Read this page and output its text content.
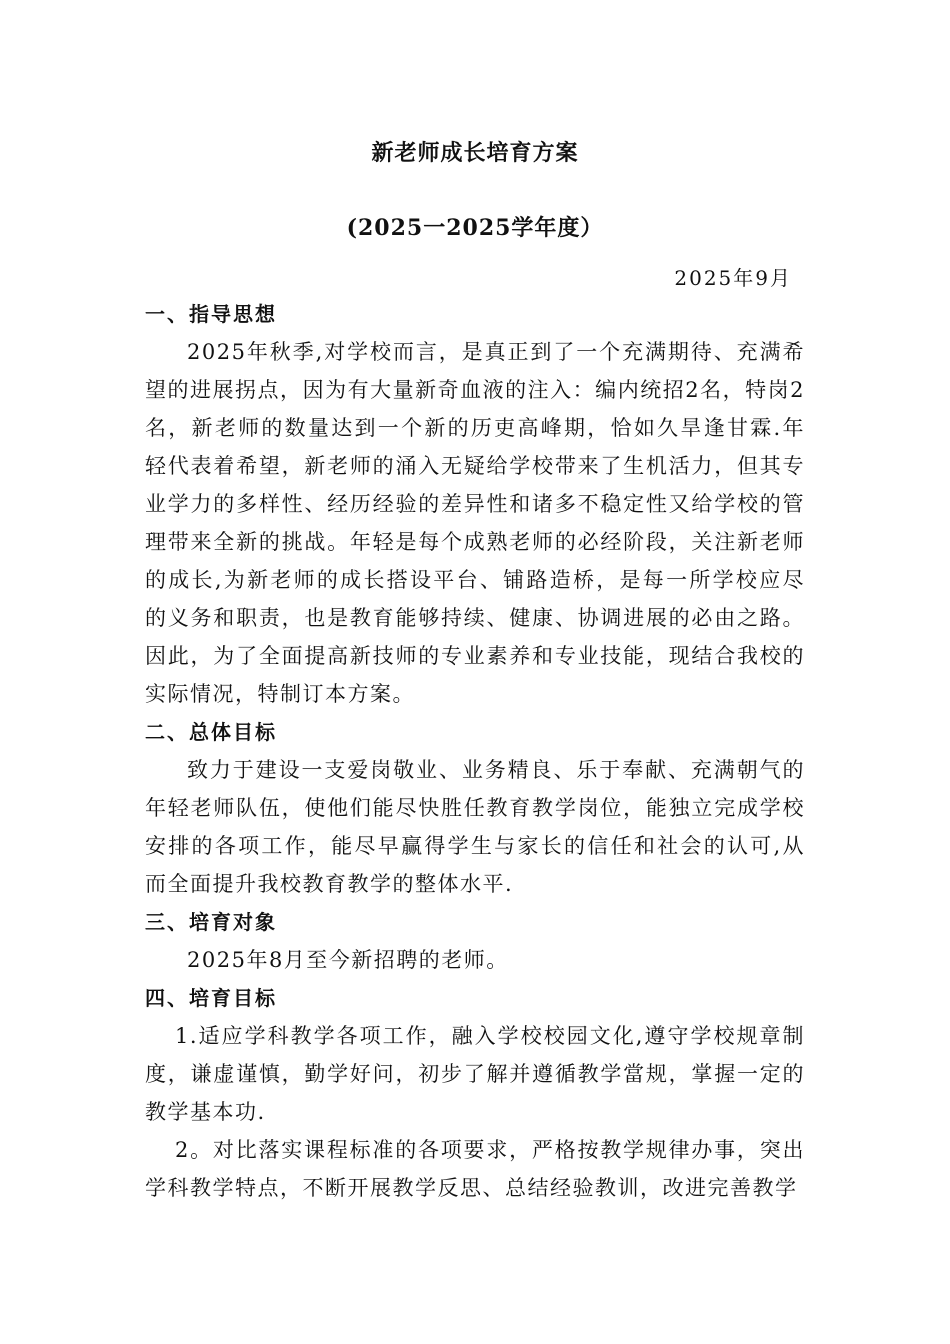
新老师成长培育方案
(2025一2025学年度）
2025年9月

一、指导思想

2025年秋季,对学校而言，是真正到了一个充满期待、充满希望的进展拐点，因为有大量新奇血液的注入：编内统招2名，特岗2名，新老师的数量达到一个新的历吏高峰期，恰如久旱逢甘霖.年轻代表着希望，新老师的涌入无疑给学校带来了生机活力，但其专业学力的多样性、经历经验的差异性和诸多不稳定性又给学校的管理带来全新的挑战。年轻是每个成熟老师的必经阶段，关注新老师的成长,为新老师的成长搭设平台、铺路造桥，是每一所学校应尽的义务和职责，也是教育能够持续、健康、协调进展的必由之路。因此，为了全面提高新技师的专业素养和专业技能，现结合我校的实际情况，特制订本方案。

二、总体目标

致力于建设一支爱岗敬业、业务精良、乐于奉献、充满朝气的年轻老师队伍，使他们能尽快胜任教育教学岗位，能独立完成学校安排的各项工作，能尽早赢得学生与家长的信任和社会的认可,从而全面提升我校教育教学的整体水平.

三、培育对象

2025年8月至今新招聘的老师。

四、培育目标

1.适应学科教学各项工作，融入学校校园文化,遵守学校规章制度，谦虚谨慎，勤学好问，初步了解并遵循教学當规，掌握一定的教学基本功.

2。对比落实课程标准的各项要求，严格按教学规律办事，突出学科教学特点，不断开展教学反思、总结经验教训，改进完善教学
